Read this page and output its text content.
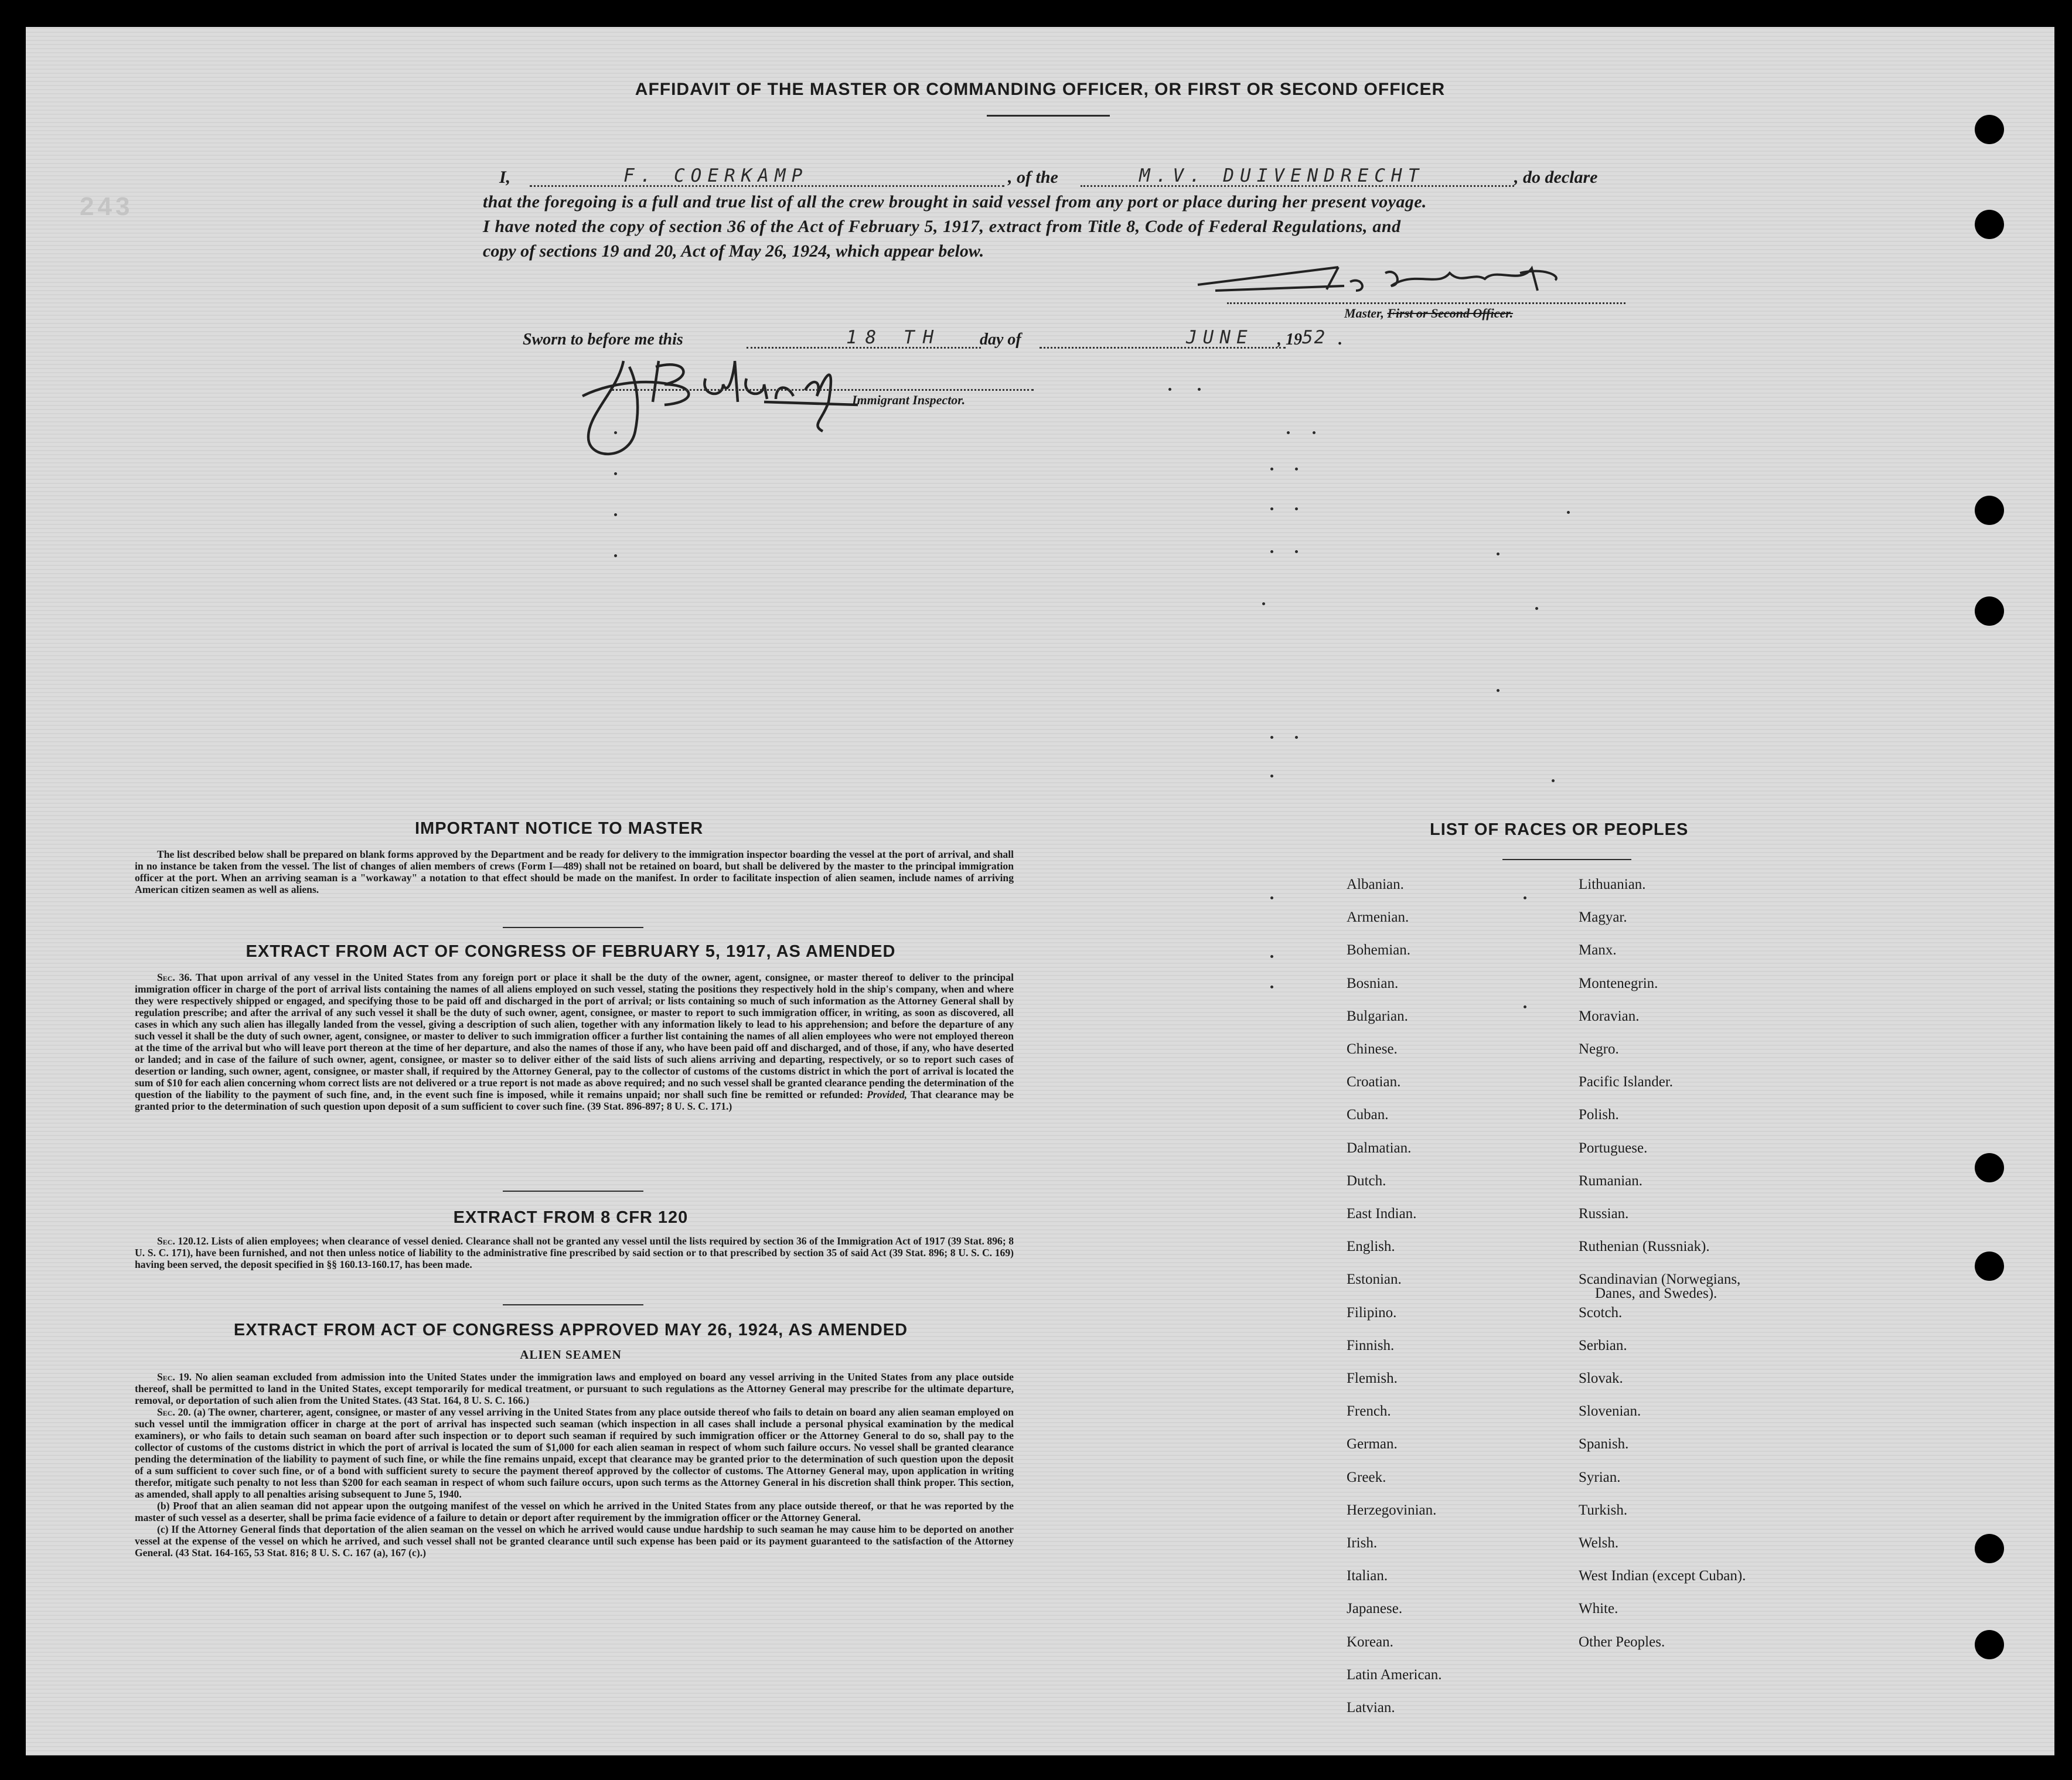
243
AFFIDAVIT OF THE MASTER OR COMMANDING OFFICER, OR FIRST OR SECOND OFFICER
I,	F. COERKAMP	, of the	M.V. DUIVENDRECHT	, do declare
that the foregoing is a full and true list of all the crew brought in said vessel from any port or place during her present voyage.
I have noted the copy of section 36 of the Act of February 5, 1917, extract from Title 8, Code of Federal Regulations, and
copy of sections 19 and 20, Act of May 26, 1924, which appear below.
Master, First or Second Officer.
Sworn to before me this	18 TH day of	JUNE , 19 52 .
Immigrant Inspector.
IMPORTANT NOTICE TO MASTER

The list described below shall be prepared on blank forms approved by the Department and be ready for delivery to the immigration inspector boarding the vessel at the port of arrival, and shall in no instance be taken from the vessel. The list of changes of alien members of crews (Form I—489) shall not be retained on board, but shall be delivered by the master to the principal immigration officer at the port. When an arriving seaman is a "workaway" a notation to that effect should be made on the manifest. In order to facilitate inspection of alien seamen, include names of arriving American citizen seamen as well as aliens.

EXTRACT FROM ACT OF CONGRESS OF FEBRUARY 5, 1917, AS AMENDED

Sec. 36. That upon arrival of any vessel in the United States from any foreign port or place it shall be the duty of the owner, agent, consignee, or master thereof to deliver to the principal immigration officer in charge of the port of arrival lists containing the names of all aliens employed on such vessel, stating the positions they respectively hold in the ship's company, when and where they were respectively shipped or engaged, and specifying those to be paid off and discharged in the port of arrival; or lists containing so much of such information as the Attorney General shall by regulation prescribe; and after the arrival of any such vessel it shall be the duty of such owner, agent, consignee, or master to report to such immigration officer, in writing, as soon as discovered, all cases in which any such alien has illegally landed from the vessel, giving a description of such alien, together with any information likely to lead to his apprehension; and before the departure of any such vessel it shall be the duty of such owner, agent, consignee, or master to deliver to such immigration officer a further list containing the names of all alien employees who were not employed thereon at the time of the arrival but who will leave port thereon at the time of her departure, and also the names of those if any, who have been paid off and discharged, and of those, if any, who have deserted or landed; and in case of the failure of such owner, agent, consignee, or master so to deliver either of the said lists of such aliens arriving and departing, respectively, or so to report such cases of desertion or landing, such owner, agent, consignee, or master shall, if required by the Attorney General, pay to the collector of customs of the customs district in which the port of arrival is located the sum of $10 for each alien concerning whom correct lists are not delivered or a true report is not made as above required; and no such vessel shall be granted clearance pending the determination of the question of the liability to the payment of such fine, and, in the event such fine is imposed, while it remains unpaid; nor shall such fine be remitted or refunded: Provided, That clearance may be granted prior to the determination of such question upon deposit of a sum sufficient to cover such fine. (39 Stat. 896-897; 8 U. S. C. 171.)

EXTRACT FROM 8 CFR 120

Sec. 120.12. Lists of alien employees; when clearance of vessel denied. Clearance shall not be granted any vessel until the lists required by section 36 of the Immigration Act of 1917 (39 Stat. 896; 8 U. S. C. 171), have been furnished, and not then unless notice of liability to the administrative fine prescribed by said section or to that prescribed by section 35 of said Act (39 Stat. 896; 8 U. S. C. 169) having been served, the deposit specified in §§ 160.13-160.17, has been made.

EXTRACT FROM ACT OF CONGRESS APPROVED MAY 26, 1924, AS AMENDED
ALIEN SEAMEN

Sec. 19. No alien seaman excluded from admission into the United States under the immigration laws and employed on board any vessel arriving in the United States from any place outside thereof, shall be permitted to land in the United States, except temporarily for medical treatment, or pursuant to such regulations as the Attorney General may prescribe for the ultimate departure, removal, or deportation of such alien from the United States. (43 Stat. 164, 8 U. S. C. 166.)

Sec. 20. (a) The owner, charterer, agent, consignee, or master of any vessel arriving in the United States from any place outside thereof who fails to detain on board any alien seaman employed on such vessel until the immigration officer in charge at the port of arrival has inspected such seaman (which inspection in all cases shall include a personal physical examination by the medical examiners), or who fails to detain such seaman on board after such inspection or to deport such seaman if required by such immigration officer or the Attorney General to do so, shall pay to the collector of customs of the customs district in which the port of arrival is located the sum of $1,000 for each alien seaman in respect of whom such failure occurs. No vessel shall be granted clearance pending the determination of the liability to payment of such fine, or while the fine remains unpaid, except that clearance may be granted prior to the determination of such question upon the deposit of a sum sufficient to cover such fine, or of a bond with sufficient surety to secure the payment thereof approved by the collector of customs. The Attorney General may, upon application in writing therefor, mitigate such penalty to not less than $200 for each seaman in respect of whom such failure occurs, upon such terms as the Attorney General in his discretion shall think proper. This section, as amended, shall apply to all penalties arising subsequent to June 5, 1940.

(b) Proof that an alien seaman did not appear upon the outgoing manifest of the vessel on which he arrived in the United States from any place outside thereof, or that he was reported by the master of such vessel as a deserter, shall be prima facie evidence of a failure to detain or deport after requirement by the immigration officer or the Attorney General.

(c) If the Attorney General finds that deportation of the alien seaman on the vessel on which he arrived would cause undue hardship to such seaman he may cause him to be deported on another vessel at the expense of the vessel on which he arrived, and such vessel shall not be granted clearance until such expense has been paid or its payment guaranteed to the satisfaction of the Attorney General. (43 Stat. 164-165, 53 Stat. 816; 8 U. S. C. 167 (a), 167 (c).)

LIST OF RACES OR PEOPLES
Albanian.
Armenian.
Bohemian.
Bosnian.
Bulgarian.
Chinese.
Croatian.
Cuban.
Dalmatian.
Dutch.
East Indian.
English.
Estonian.
Filipino.
Finnish.
Flemish.
French.
German.
Greek.
Herzegovinian.
Irish.
Italian.
Japanese.
Korean.
Latin American.
Latvian.
Lithuanian.
Magyar.
Manx.
Montenegrin.
Moravian.
Negro.
Pacific Islander.
Polish.
Portuguese.
Rumanian.
Russian.
Ruthenian (Russniak).
Scandinavian (Norwegians,
Danes, and Swedes).
Scotch.
Serbian.
Slovak.
Slovenian.
Spanish.
Syrian.
Turkish.
Welsh.
West Indian (except Cuban).
White.
Other Peoples.
